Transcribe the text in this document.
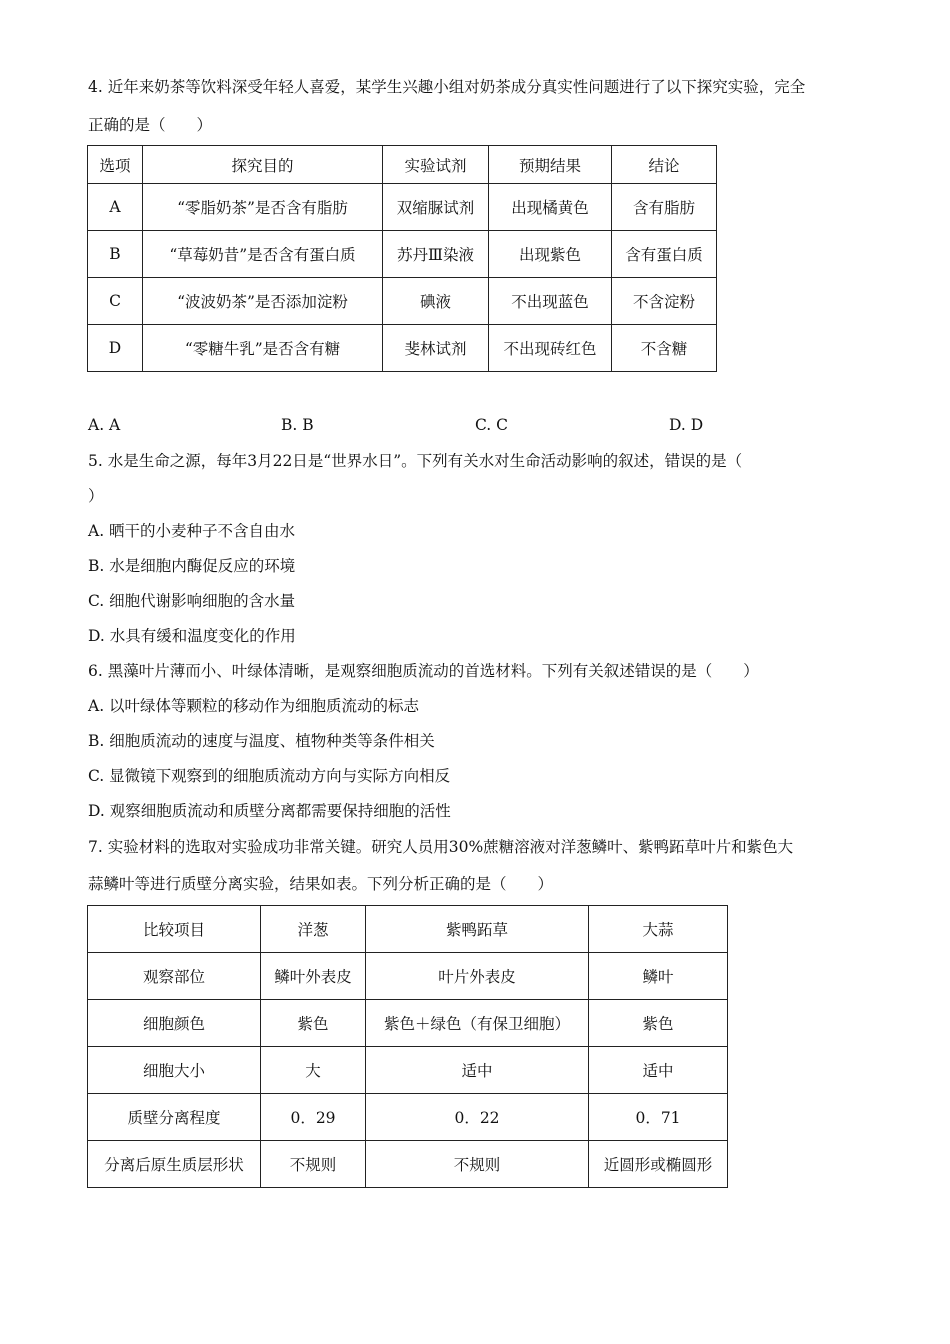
4. 近年来奶茶等饮料深受年轻人喜爱，某学生兴趣小组对奶茶成分真实性问题进行了以下探究实验，完全
正确的是（　　）
选项	探究目的	实验试剂	预期结果	结论
A	“零脂奶茶”是否含有脂肪	双缩脲试剂	出现橘黄色	含有脂肪
B	“草莓奶昔”是否含有蛋白质	苏丹Ⅲ染液	出现紫色	含有蛋白质
C	“波波奶茶”是否添加淀粉	碘液	不出现蓝色	不含淀粉
D	“零糖牛乳”是否含有糖	斐林试剂	不出现砖红色	不含糖
A. A	B. B	C. C	D. D
5. 水是生命之源，每年3月22日是“世界水日”。下列有关水对生命活动影响的叙述，错误的是（
）
A. 晒干的小麦种子不含自由水
B. 水是细胞内酶促反应的环境
C. 细胞代谢影响细胞的含水量
D. 水具有缓和温度变化的作用
6. 黑藻叶片薄而小、叶绿体清晰，是观察细胞质流动的首选材料。下列有关叙述错误的是（　　）
A. 以叶绿体等颗粒的移动作为细胞质流动的标志
B. 细胞质流动的速度与温度、植物种类等条件相关
C. 显微镜下观察到的细胞质流动方向与实际方向相反
D. 观察细胞质流动和质壁分离都需要保持细胞的活性
7. 实验材料的选取对实验成功非常关键。研究人员用30%蔗糖溶液对洋葱鳞叶、紫鸭跖草叶片和紫色大
蒜鳞叶等进行质壁分离实验，结果如表。下列分析正确的是（　　）
比较项目	洋葱	紫鸭跖草	大蒜
观察部位	鳞叶外表皮	叶片外表皮	鳞叶
细胞颜色	紫色	紫色＋绿色（有保卫细胞）	紫色
细胞大小	大	适中	适中
质壁分离程度	0．29	0．22	0．71
分离后原生质层形状	不规则	不规则	近圆形或椭圆形
